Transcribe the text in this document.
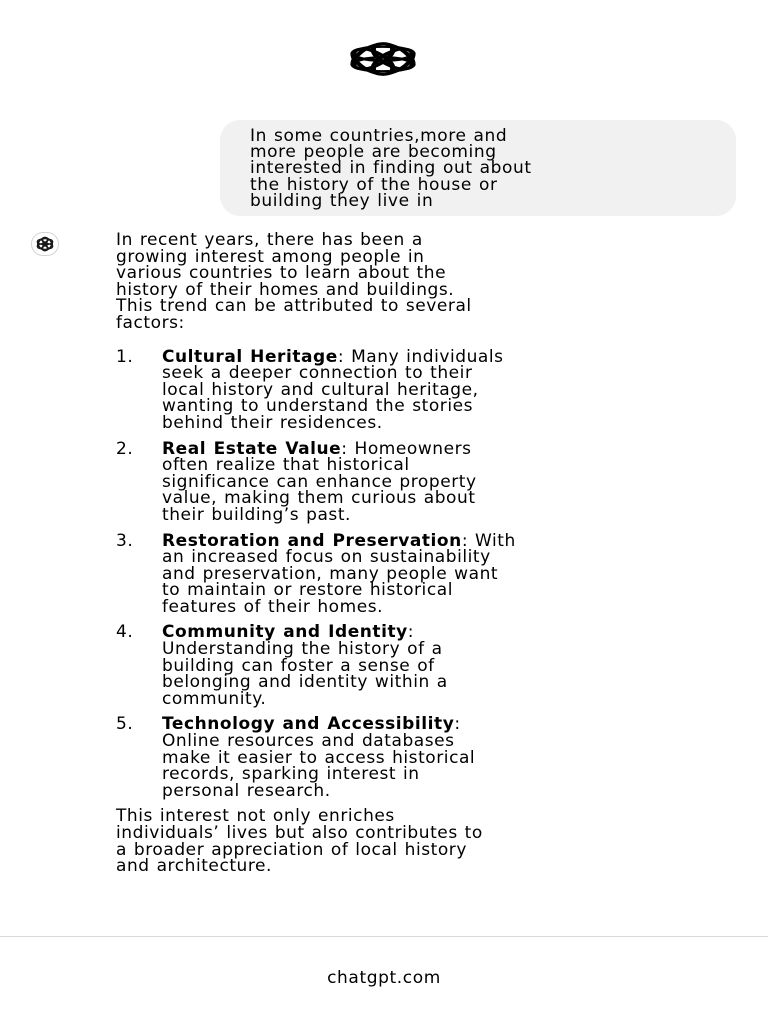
In some countries,more and
more people are becoming
interested in finding out about
the history of the house or
building they live in

In recent years, there has been a
growing interest among people in
various countries to learn about the
history of their homes and buildings.
This trend can be attributed to several
factors:

1. Cultural Heritage: Many individuals
seek a deeper connection to their
local history and cultural heritage,
wanting to understand the stories
behind their residences.
2. Real Estate Value: Homeowners
often realize that historical
significance can enhance property
value, making them curious about
their building’s past.
3. Restoration and Preservation: With
an increased focus on sustainability
and preservation, many people want
to maintain or restore historical
features of their homes.
4. Community and Identity:
Understanding the history of a
building can foster a sense of
belonging and identity within a
community.
5. Technology and Accessibility:
Online resources and databases
make it easier to access historical
records, sparking interest in
personal research.

This interest not only enriches
individuals’ lives but also contributes to
a broader appreciation of local history
and architecture.

chatgpt.com
